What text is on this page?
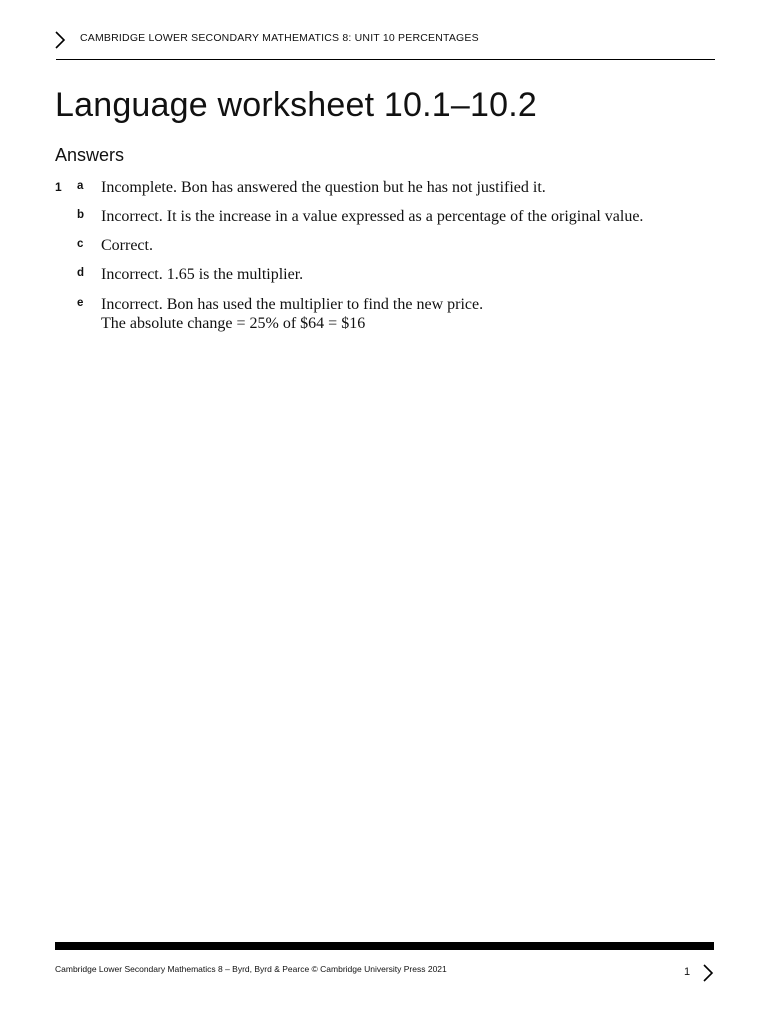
CAMBRIDGE LOWER SECONDARY MATHEMATICS 8: UNIT 10 PERCENTAGES
Language worksheet 10.1–10.2
Answers
1 a Incomplete. Bon has answered the question but he has not justified it.
b Incorrect. It is the increase in a value expressed as a percentage of the original value.
c Correct.
d Incorrect. 1.65 is the multiplier.
e Incorrect. Bon has used the multiplier to find the new price.
The absolute change = 25% of $64 = $16
Cambridge Lower Secondary Mathematics 8 – Byrd, Byrd & Pearce © Cambridge University Press 2021	1
